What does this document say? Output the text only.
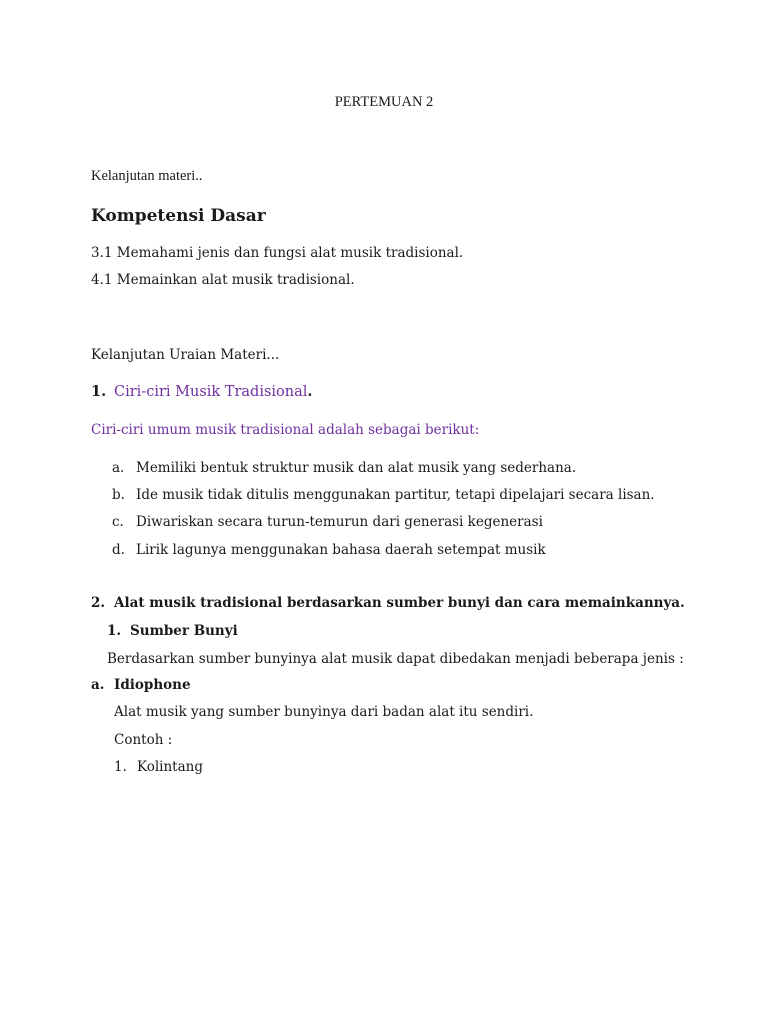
PERTEMUAN 2
Kelanjutan materi..
Kompetensi Dasar
3.1 Memahami jenis dan fungsi alat musik tradisional.
4.1 Memainkan alat musik tradisional.
Kelanjutan Uraian Materi...
1. Ciri-ciri Musik Tradisional.
Ciri-ciri umum musik tradisional adalah sebagai berikut:
a. Memiliki bentuk struktur musik dan alat musik yang sederhana.
b. Ide musik tidak ditulis menggunakan partitur, tetapi dipelajari secara lisan.
c. Diwariskan secara turun-temurun dari generasi kegenerasi
d. Lirik lagunya menggunakan bahasa daerah setempat musik
2. Alat musik tradisional berdasarkan sumber bunyi dan cara memainkannya.
1. Sumber Bunyi
Berdasarkan sumber bunyinya alat musik dapat dibedakan menjadi beberapa jenis :
a. Idiophone
Alat musik yang sumber bunyinya dari badan alat itu sendiri.
Contoh :
1. Kolintang
